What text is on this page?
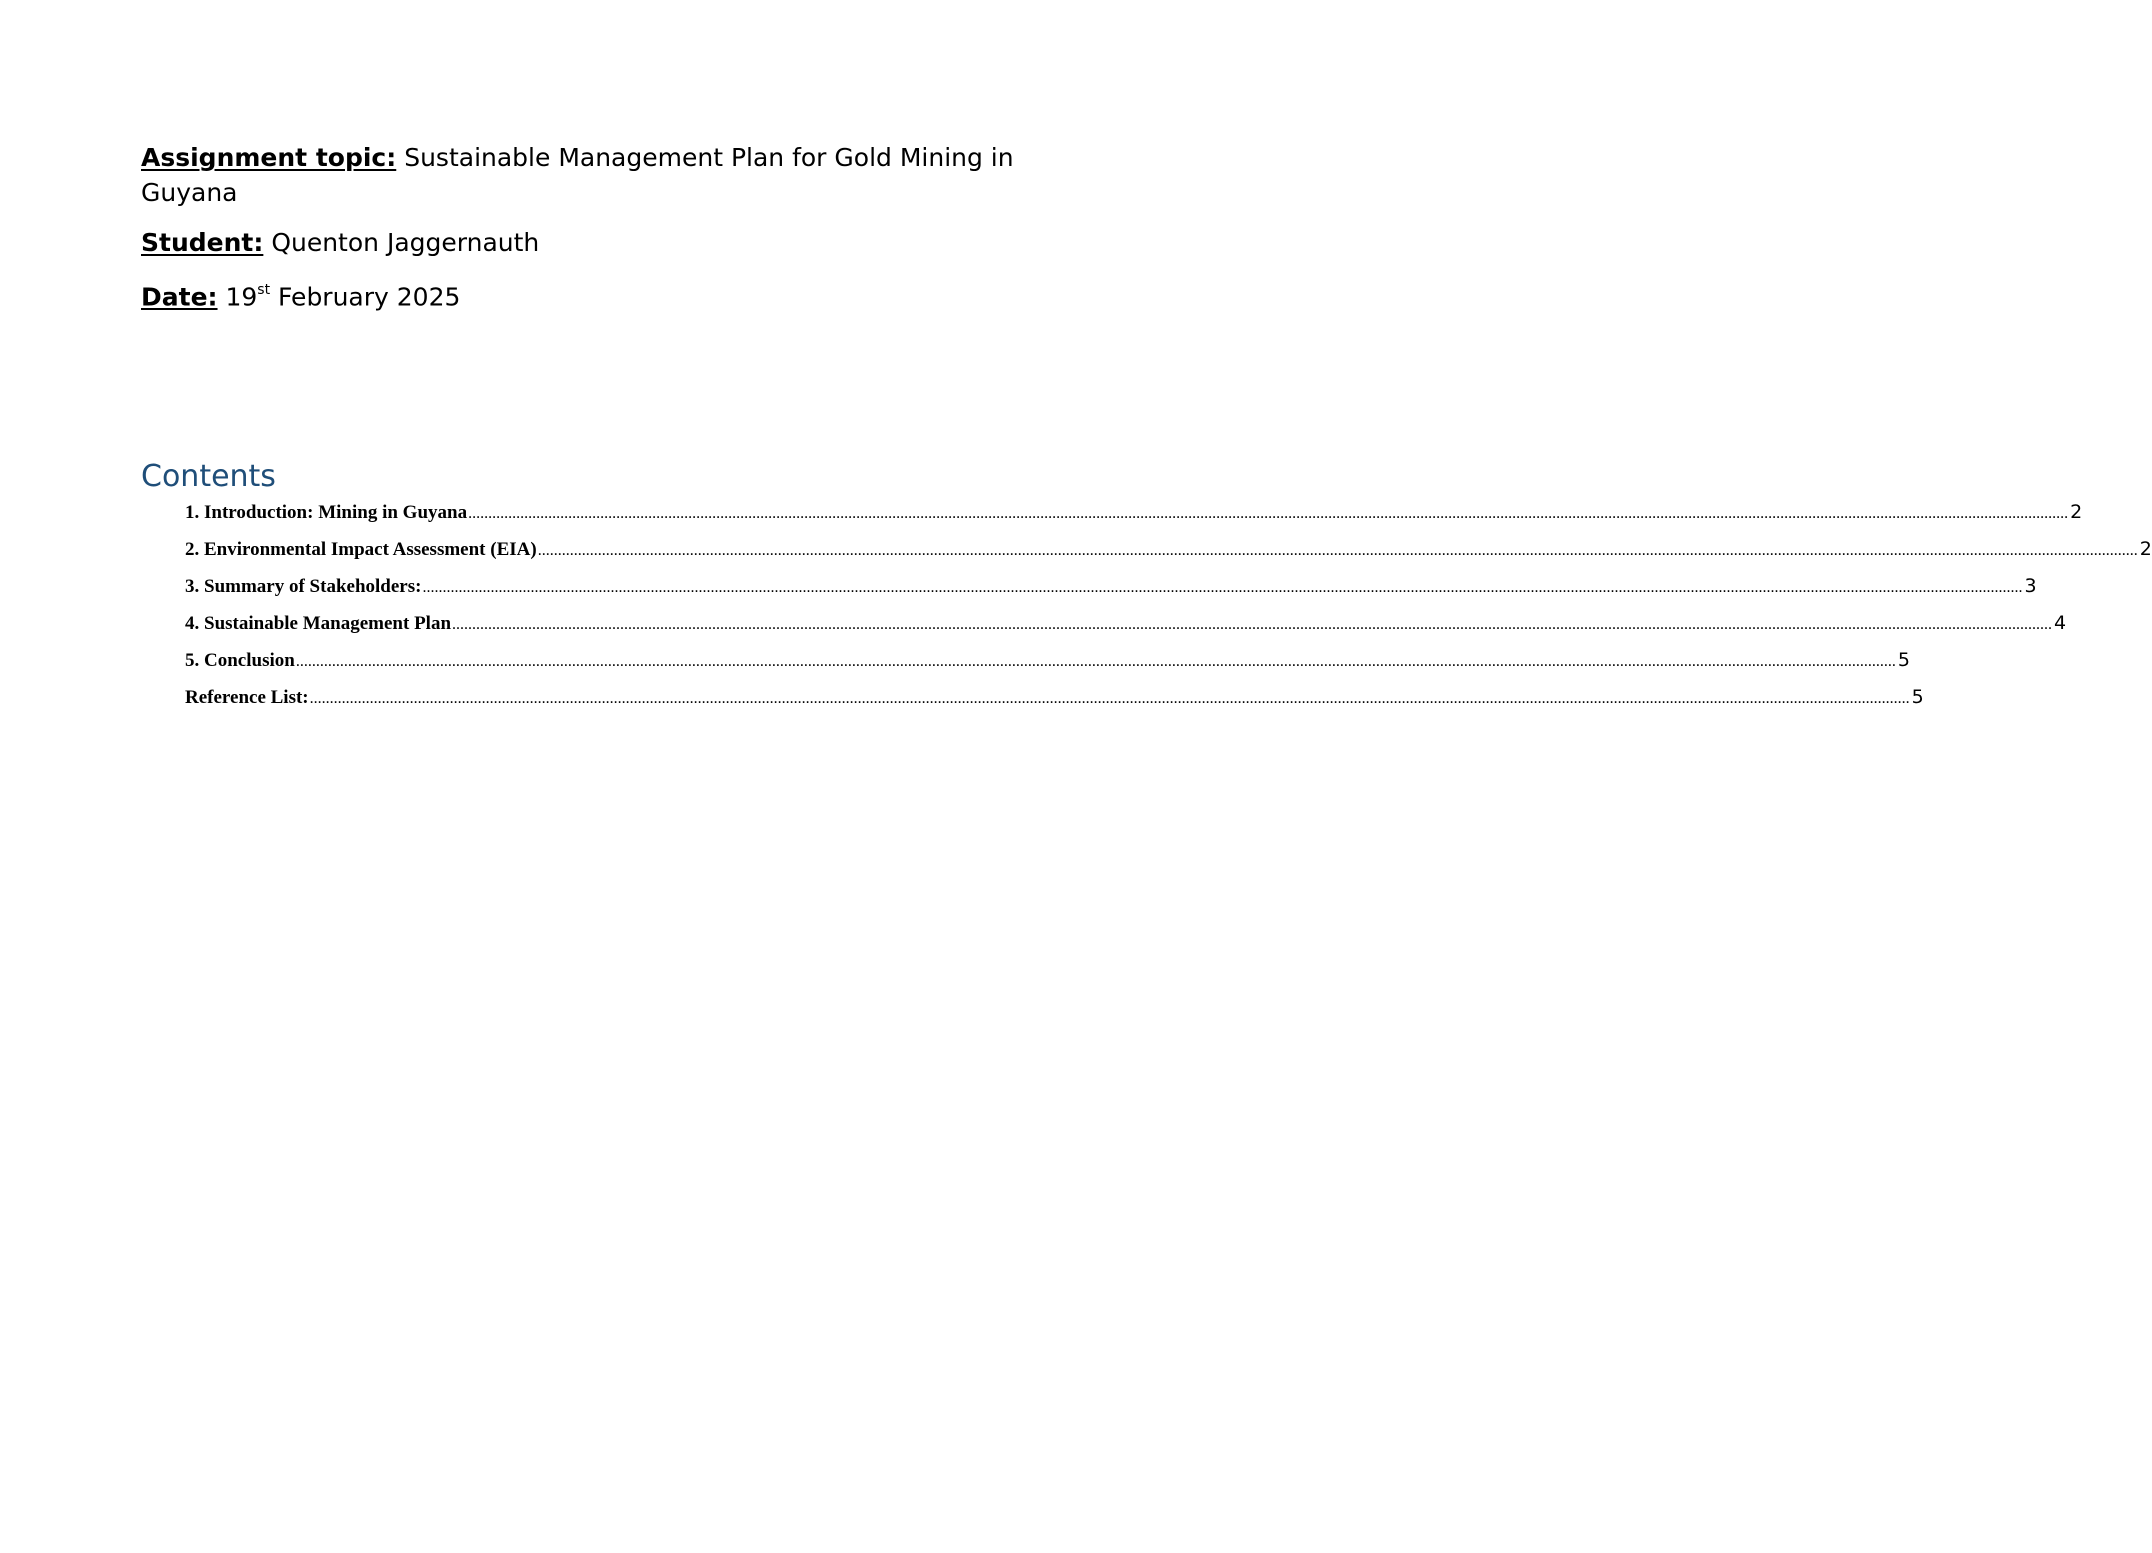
Assignment topic: Sustainable Management Plan for Gold Mining in Guyana

Student: Quenton Jaggernauth

Date: 19st February 2025

Contents
1. Introduction: Mining in Guyana ................................................................................................................................................................................................................................................................................................................................................................................................................ 2
2. Environmental Impact Assessment (EIA) ................................................................................................................................................................................................................................................................................................................................................................................................................ 2
3. Summary of Stakeholders: ................................................................................................................................................................................................................................................................................................................................................................................................................ 3
4. Sustainable Management Plan ................................................................................................................................................................................................................................................................................................................................................................................................................ 4
5. Conclusion ................................................................................................................................................................................................................................................................................................................................................................................................................ 5
Reference List: ................................................................................................................................................................................................................................................................................................................................................................................................................ 5
